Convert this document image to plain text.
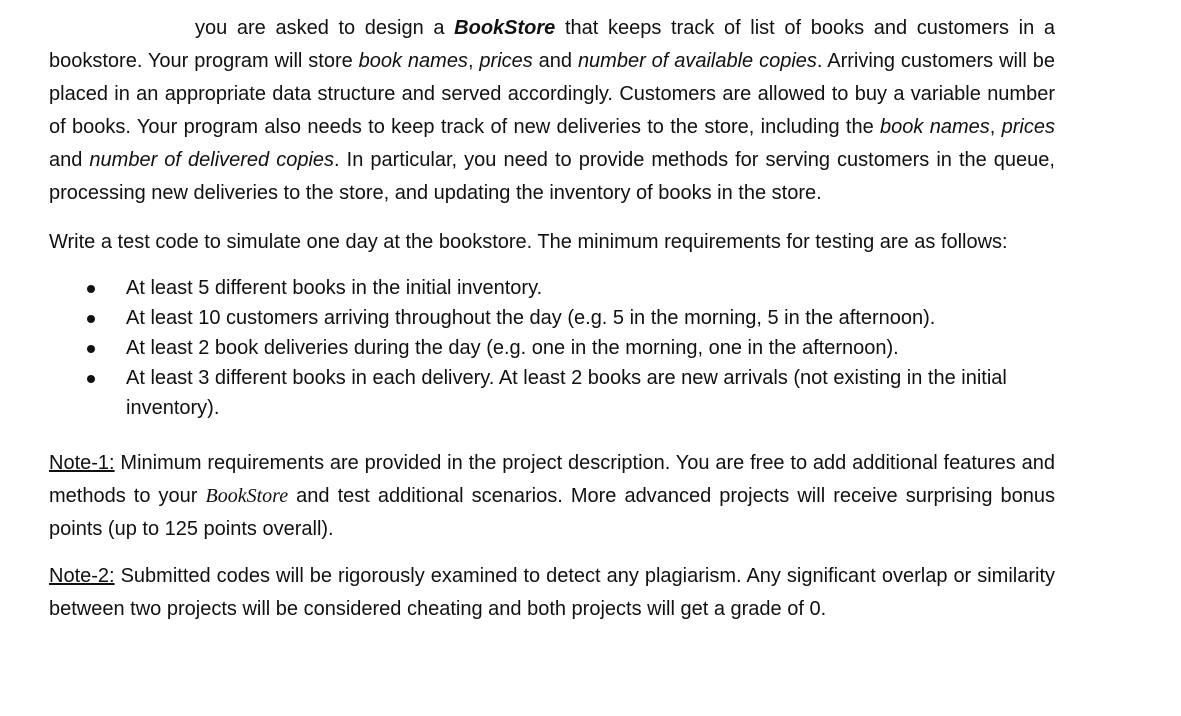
you are asked to design a BookStore that keeps track of list of books and customers in a bookstore. Your program will store book names, prices and number of available copies. Arriving customers will be placed in an appropriate data structure and served accordingly. Customers are allowed to buy a variable number of books. Your program also needs to keep track of new deliveries to the store, including the book names, prices and number of delivered copies. In particular, you need to provide methods for serving customers in the queue, processing new deliveries to the store, and updating the inventory of books in the store.

Write a test code to simulate one day at the bookstore. The minimum requirements for testing are as follows:

At least 5 different books in the initial inventory.
At least 10 customers arriving throughout the day (e.g. 5 in the morning, 5 in the afternoon).
At least 2 book deliveries during the day (e.g. one in the morning, one in the afternoon).
At least 3 different books in each delivery. At least 2 books are new arrivals (not existing in the initial inventory).

Note-1: Minimum requirements are provided in the project description. You are free to add additional features and methods to your BookStore and test additional scenarios. More advanced projects will receive surprising bonus points (up to 125 points overall).

Note-2: Submitted codes will be rigorously examined to detect any plagiarism. Any significant overlap or similarity between two projects will be considered cheating and both projects will get a grade of 0.
